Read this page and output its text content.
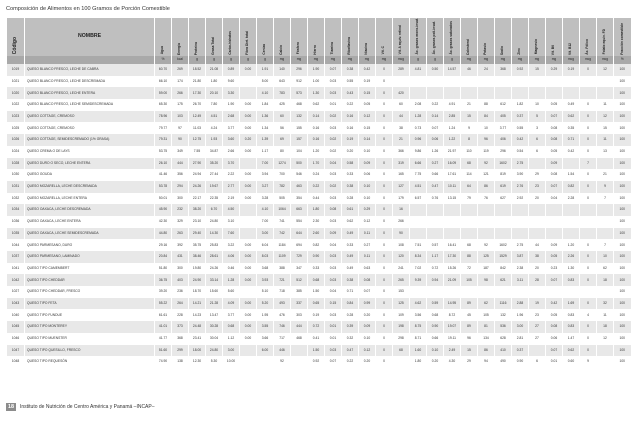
Composición de Alimentos en 100 Gramos de Porción Comestible
Código	NOMBRE	Agua	Energía	Proteína	Grasa Total	Carbo-hidratos	Fibra Diet. total	Ceniza	Calcio	Fósforo	Hierro	Tiamina	Riboflavina	Niacina	Vit. C	Vit. A equiv. retinol	Ác. grasos mono-insat.	Ác. grasos poli-insat.	Ác. grasos saturados	Colesterol	Potasio	Sodio	Zinc	Magnesio	Vit. B6	Vit. B12	Ác. Fólico	Folato equiv. FD	Fracción comestible
		%	kcal	g	g	g	g	g	mg	mg	mg	mg	mg	mg	mg	mcg	g	g	g	mg	mg	mg	mg	mg	mg	mcg	mcg	mcg	%
1019	QUESO BLANCO FRESCO, LECHE DE CABRA	60.70	269	18.52	21.08	0.89	0.00	1.91	140	296	1.90	0.07	0.38	0.42	0	289	4.81	0.50	14.57	46	24	368	0.92	15	0.29	0.19	0	12	100
1021	QUESO BLANCO FRESCO, LECHE DESCREMADA	66.10	174	21.80	1.80	9.60		5.00	643	912	1.00	0.03	0.55	0.19	0														100
1020	QUESO BLANCO FRESCO, LECHE ENTERA	59.00	266	17.30	20.10	3.30		4.10	783	573	1.30	0.03	0.43	0.15	0	420													100
1022	QUESO BLANCO FRESCO, LECHE SEMIDESCREMADA	65.30	175	26.70	7.80	1.90	0.00	1.84	425	468	0.62	0.01	0.22	0.05	0	60	2.08	0.22	4.91	21	88	612	1.82	10	0.05	0.49	0	11	100
1023	QUESO COTTAGE, CREMOSO	78.96	103	12.49	4.51	2.68	0.00	1.36	60	132	0.14	0.02	0.16	0.12	0	44	1.28	0.14	2.85	15	84	405	0.37	5	0.07	0.62	0	12	100
1025	QUESO COTTAGE, CREMOSO	79.77	97	11.03	4.24	3.77	0.00	1.34	56	155	0.16	0.03	0.16	0.15	0	38	0.73	0.07	1.24	9	10	3.77	0.55	3	0.08	0.35	0	15	100
1026	QUESO COTTAGE, SEMIDESCREMADO (1% GRASA)	79.31	90	12.75	1.93	3.60	0.20	1.39	69	157	0.16	0.02	0.19	0.14	0	21	0.96	0.06	1.22	8	96	406	0.42	6	0.08	0.71	0	11	100
1024	QUESO CREMA O DE LAYS	53.75	349	7.55	34.87	2.66	0.00	1.17	80	104	1.20	0.02	0.20	0.10	0	366	9.86	1.26	21.97	110	119	296	0.54	6	0.05	0.42	0	13	100
1028	QUESO DURO O SECO, LECHE ENTERA	26.10	444	27.90	35.20	3.70		7.00	1274	500	1.70	0.04	0.58	0.09	0	319	6.66	0.27	16.09	68	92	1602	2.75		0.09		7		100
1030	QUESO GOUDA	41.46	356	24.94	27.44	2.22	0.00	3.94	700	546	0.24	0.03	0.33	0.06	0	165	7.75	0.66	17.61	114	121	819	3.90	29	0.08	1.54	0	21	100
1031	QUESO MOZARELLA, LECHE DESCREMADA	53.78	294	24.26	19.67	2.77	0.00	3.27	782	463	0.22	0.02	0.38	0.10	0	127	4.51	0.47	10.11	64	86	619	2.76	23	0.07	0.82	0	9	100
1032	QUESO MOZARELLA, LECHE ENTERA	50.01	300	22.17	22.35	2.19	0.00	3.28	505	354	0.44	0.03	0.28	0.10	0	179	6.57	0.76	13.15	79	76	627	2.92	20	0.04	2.28	0	7	100
1034	QUESO OAXACA, LECHE DESCREMADA	45.90	232	38.20	6.70	4.50		4.10	1064	663	1.80	0.08	0.61	0.29	0	16													100
1036	QUESO OAXACA, LECHE ENTERA	42.30	329	23.10	24.80	3.10		7.00	741	554	2.30	0.03	0.62	0.12	0	266													100
1035	QUESO OAXACA, LECHE SEMIDESCREMADA	44.80	263	29.40	14.30	7.60		3.00	742	644	2.60	0.09	0.49	0.11	0	90													100
1044	QUESO PARMESANO, DURO	29.16	392	35.75	25.83	3.22	0.00	6.04	1184	694	0.82	0.04	0.33	0.27	0	108	7.51	0.57	16.41	68	92	1602	2.75	44	0.09	1.20	0	7	100
1037	QUESO PARMESANO, LAMINADO	20.84	431	38.46	28.61	4.06	0.00	8.03	1109	729	0.90	0.03	0.49	0.11	0	120	8.34	1.17	17.30	88	125	1529	3.87	38	0.05	2.26	0	10	100
1041	QUESO TIPO CAMEMBERT	51.80	300	19.80	24.26	0.46	0.00	3.68	388	347	0.33	0.03	0.49	0.63	0	241	7.02	0.72	15.26	72	187	842	2.38	20	0.23	1.30	0	62	100
1042	QUESO TIPO CHEDDAR	36.75	403	24.90	33.14	1.28	0.00	3.93	721	512	0.68	0.03	0.38	0.08	0	265	9.39	0.94	21.09	105	98	621	3.11	28	0.07	0.83	0	18	100
1027	QUESO TIPO CHEDDAR, FRESCO	39.20	236	18.70	15.60	5.60		5.10	718	385	1.50	0.04	0.71	0.07	0	153													100
1043	QUESO TIPO FETA	55.22	264	14.21	21.28	4.09	0.00	5.20	493	337	0.65	0.15	0.84	0.99	0	125	4.62	0.59	14.95	89	62	1116	2.88	19	0.42	1.69	0	32	100
1040	QUESO TIPO FUNDUE	61.61	228	14.23	13.47	3.77	0.00	1.95	476	303	0.19	0.03	0.28	0.20	0	109	3.56	0.68	8.72	45	105	132	1.96	23	0.05	0.83	4	11	100
1045	QUESO TIPO MONTEREY	41.01	373	24.48	30.28	0.68	0.00	3.55	746	444	0.72	0.01	0.39	0.09	0	198	8.75	0.90	19.07	89	81	536	3.00	27	0.08	0.83	0	18	100
1046	QUESO TIPO MUENSTER	41.77	368	23.41	30.04	1.12	0.00	3.66	717	468	0.41	0.01	0.32	0.10	0	298	8.71	0.66	19.11	96	134	628	2.81	27	0.06	1.47	0	12	100
1047	QUESO TIPO QUESILLO, FRESCO	51.60	299	18.00	24.80	3.00		6.00	446		1.50	0.03	0.47	0.12	0	68	1.60	0.10	2.49	15	86	410	0.37		0.07	0.62	0		100
1048	QUESO TIPO REQUESÓN	74.90	138	12.30	5.30	10.00			92		0.92	0.07	0.22	0.20	0		1.80	0.20	4.30	29	94	490	0.90	6	0.01	0.60	9		100
18	Instituto de Nutrición de Centro América y Panamá –INCAP–
